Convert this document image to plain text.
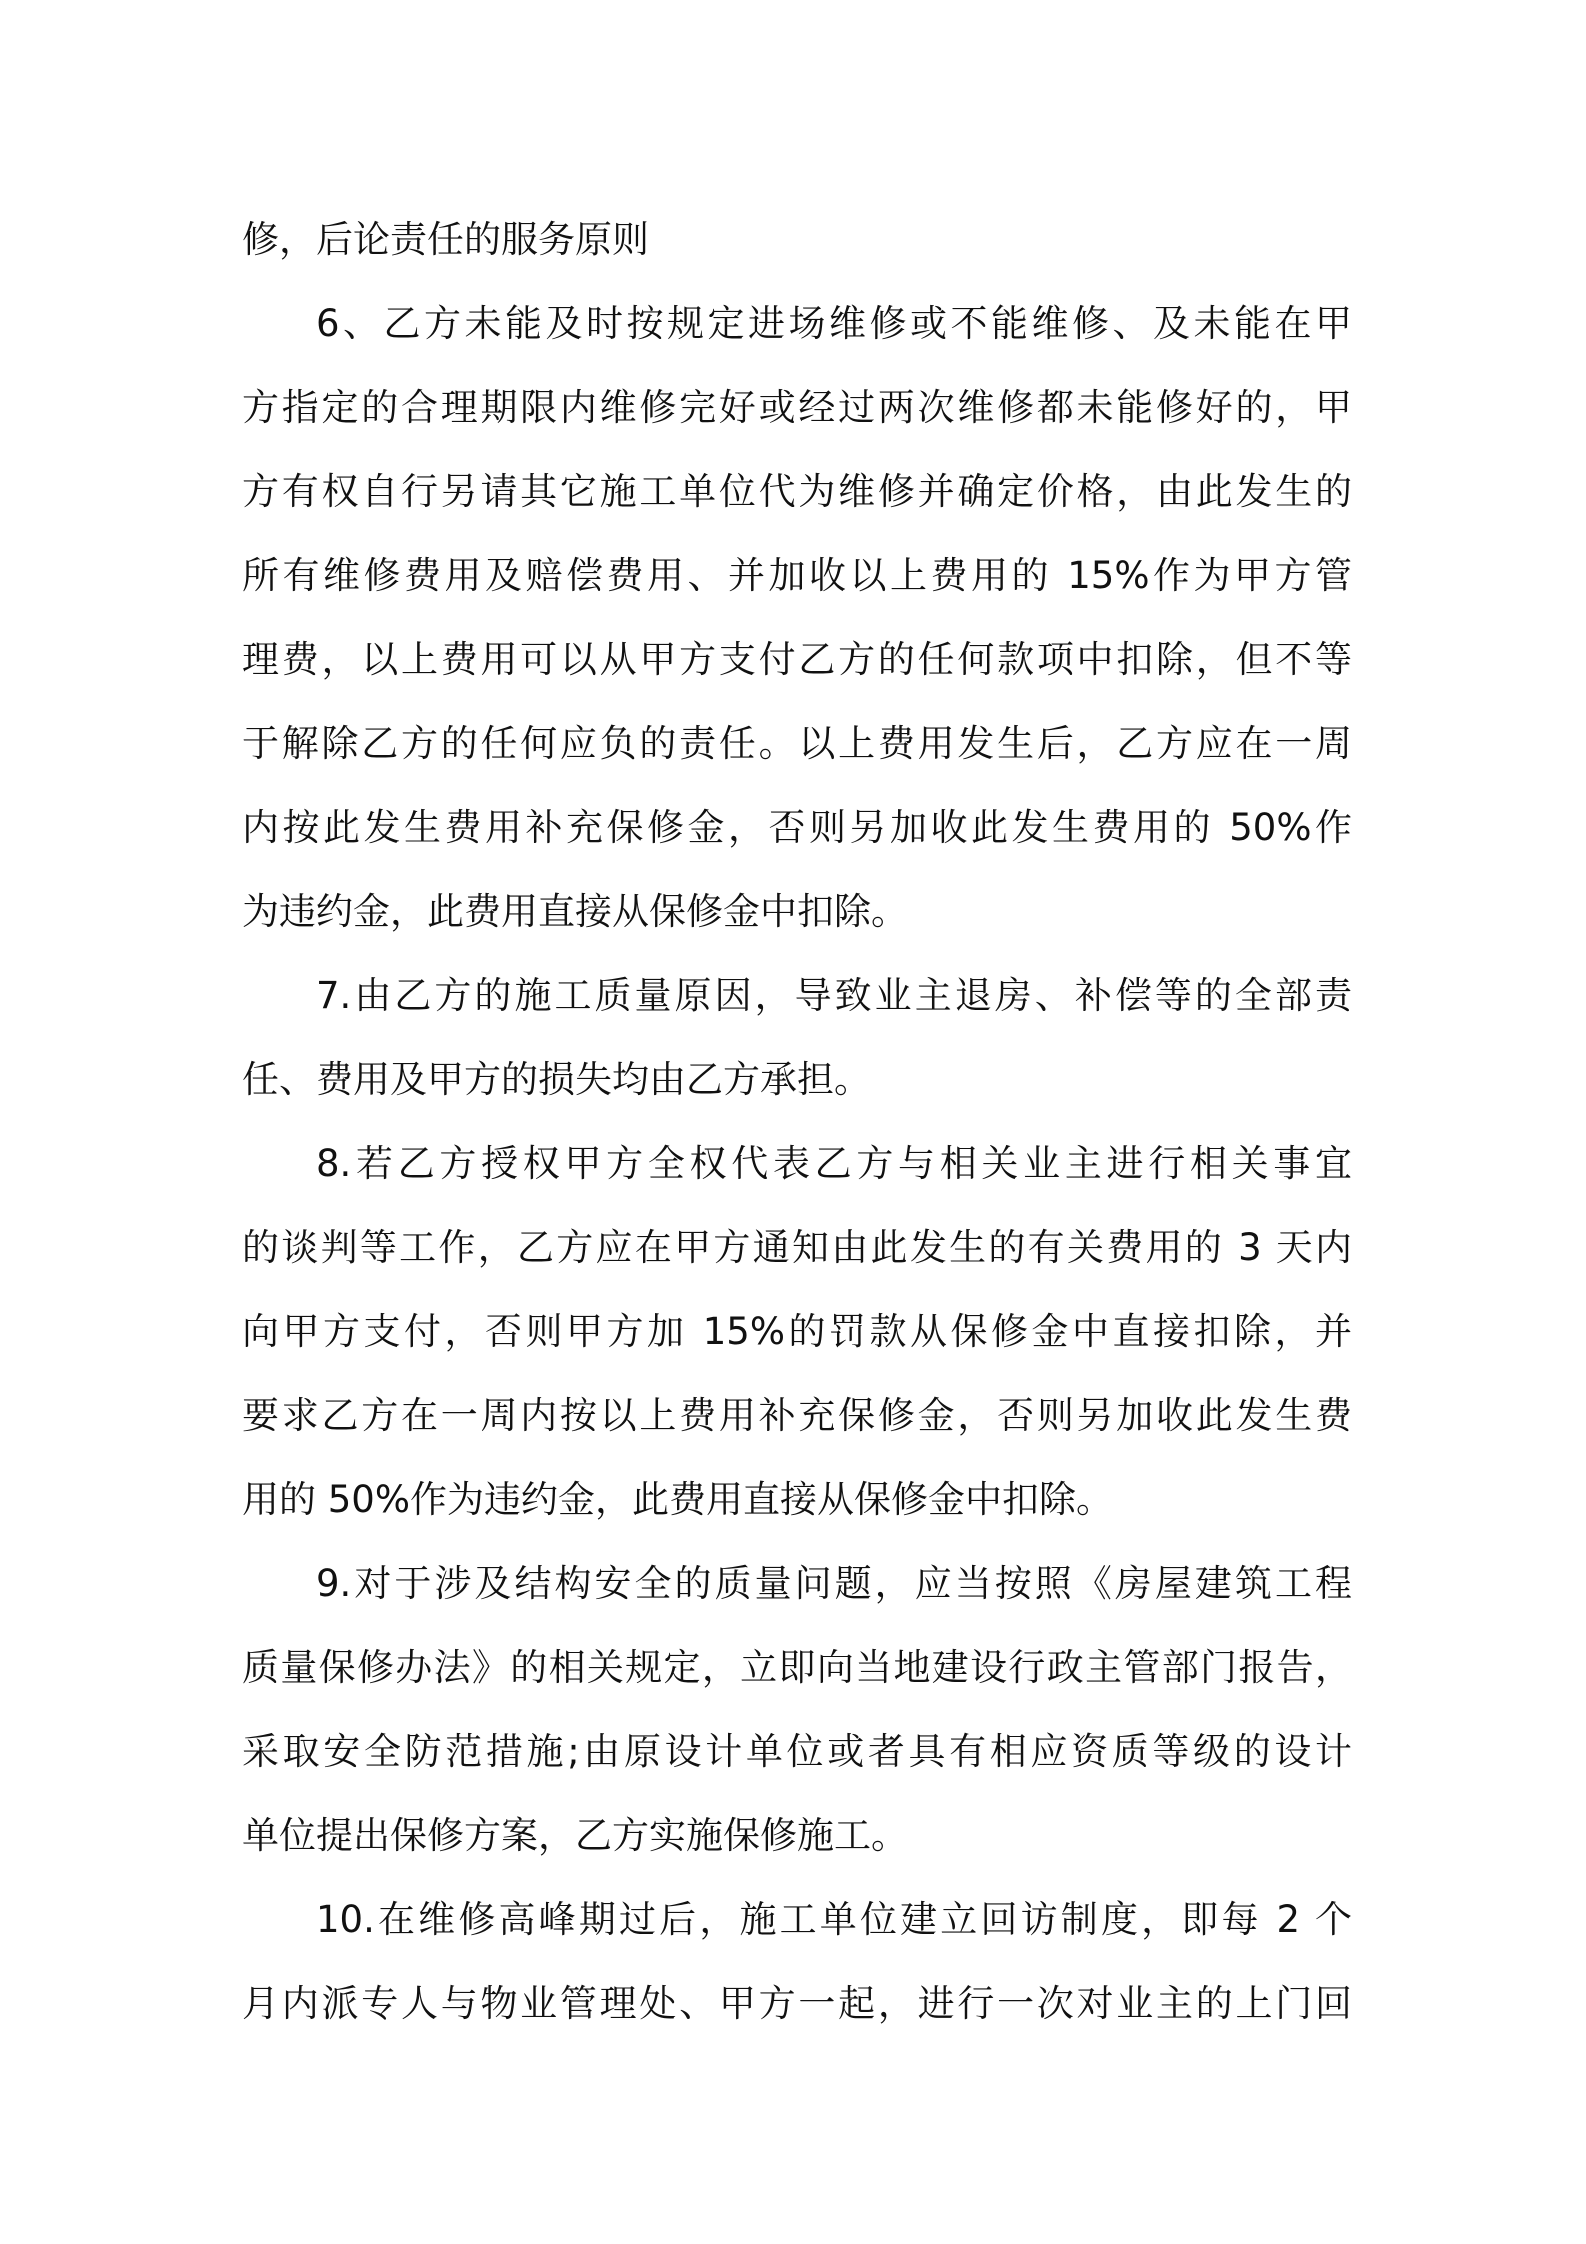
修，后论责任的服务原则
6、乙方未能及时按规定进场维修或不能维修、及未能在甲
方指定的合理期限内维修完好或经过两次维修都未能修好的，甲
方有权自行另请其它施工单位代为维修并确定价格，由此发生的
所有维修费用及赔偿费用、并加收以上费用的 15%作为甲方管
理费，以上费用可以从甲方支付乙方的任何款项中扣除，但不等
于解除乙方的任何应负的责任。以上费用发生后，乙方应在一周
内按此发生费用补充保修金，否则另加收此发生费用的 50%作
为违约金，此费用直接从保修金中扣除。
7.由乙方的施工质量原因，导致业主退房、补偿等的全部责
任、费用及甲方的损失均由乙方承担。
8.若乙方授权甲方全权代表乙方与相关业主进行相关事宜
的谈判等工作，乙方应在甲方通知由此发生的有关费用的 3 天内
向甲方支付，否则甲方加 15%的罚款从保修金中直接扣除，并
要求乙方在一周内按以上费用补充保修金，否则另加收此发生费
用的 50%作为违约金，此费用直接从保修金中扣除。
9.对于涉及结构安全的质量问题，应当按照《房屋建筑工程
质量保修办法》的相关规定，立即向当地建设行政主管部门报告，
采取安全防范措施;由原设计单位或者具有相应资质等级的设计
单位提出保修方案，乙方实施保修施工。
10.在维修高峰期过后，施工单位建立回访制度，即每 2 个
月内派专人与物业管理处、甲方一起，进行一次对业主的上门回
